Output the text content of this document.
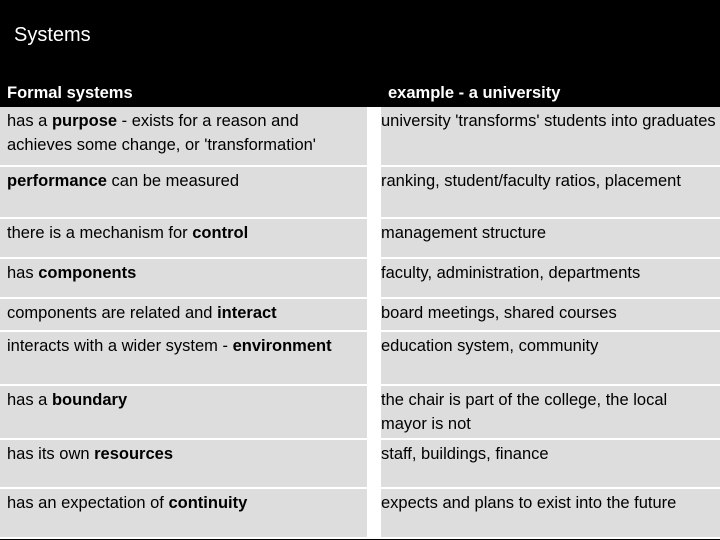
Systems
Formal systems	example - a university
has a purpose - exists for a reason and achieves some change, or 'transformation'	university 'transforms' students into graduates
performance can be measured	ranking, student/faculty ratios, placement
there is a mechanism for control	management structure
has components	faculty, administration, departments
components are related and interact	board meetings, shared courses
interacts with a wider system - environment	education system, community
has a boundary	the chair is part of the college, the local mayor is not
has its own resources	staff, buildings, finance
has an expectation of continuity	expects and plans to exist into the future
